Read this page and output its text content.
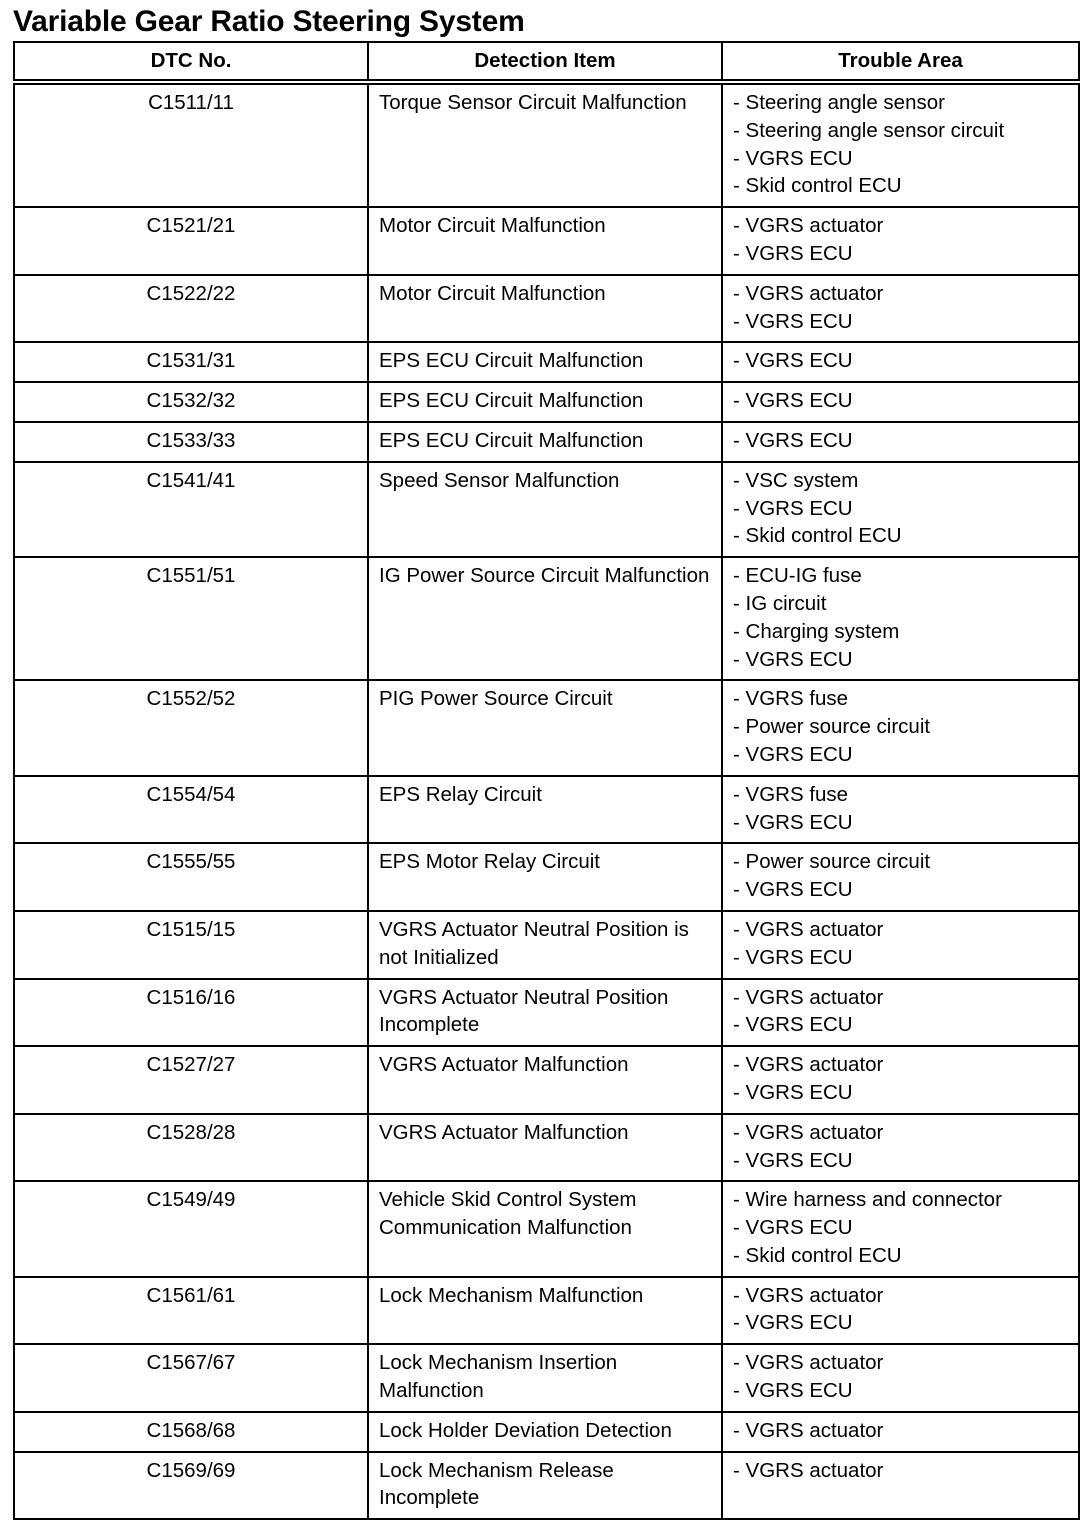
Variable Gear Ratio Steering System
DTC No.	Detection Item	Trouble Area
C1511/11	Torque Sensor Circuit Malfunction	- Steering angle sensor
- Steering angle sensor circuit
- VGRS ECU
- Skid control ECU

C1521/21	Motor Circuit Malfunction	- VGRS actuator
- VGRS ECU

C1522/22	Motor Circuit Malfunction	- VGRS actuator
- VGRS ECU

C1531/31	EPS ECU Circuit Malfunction	- VGRS ECU

C1532/32	EPS ECU Circuit Malfunction	- VGRS ECU

C1533/33	EPS ECU Circuit Malfunction	- VGRS ECU

C1541/41	Speed Sensor Malfunction	- VSC system
- VGRS ECU
- Skid control ECU

C1551/51	IG Power Source Circuit Malfunction	- ECU-IG fuse
- IG circuit
- Charging system
- VGRS ECU

C1552/52	PIG Power Source Circuit	- VGRS fuse
- Power source circuit
- VGRS ECU

C1554/54	EPS Relay Circuit	- VGRS fuse
- VGRS ECU

C1555/55	EPS Motor Relay Circuit	- Power source circuit
- VGRS ECU

C1515/15	VGRS Actuator Neutral Position is not Initialized	- VGRS actuator
- VGRS ECU

C1516/16	VGRS Actuator Neutral Position Incomplete	- VGRS actuator
- VGRS ECU

C1527/27	VGRS Actuator Malfunction	- VGRS actuator
- VGRS ECU

C1528/28	VGRS Actuator Malfunction	- VGRS actuator
- VGRS ECU

C1549/49	Vehicle Skid Control System Communication Malfunction	- Wire harness and connector
- VGRS ECU
- Skid control ECU

C1561/61	Lock Mechanism Malfunction	- VGRS actuator
- VGRS ECU

C1567/67	Lock Mechanism Insertion Malfunction	- VGRS actuator
- VGRS ECU

C1568/68	Lock Holder Deviation Detection	- VGRS actuator

C1569/69	Lock Mechanism Release Incomplete	- VGRS actuator
